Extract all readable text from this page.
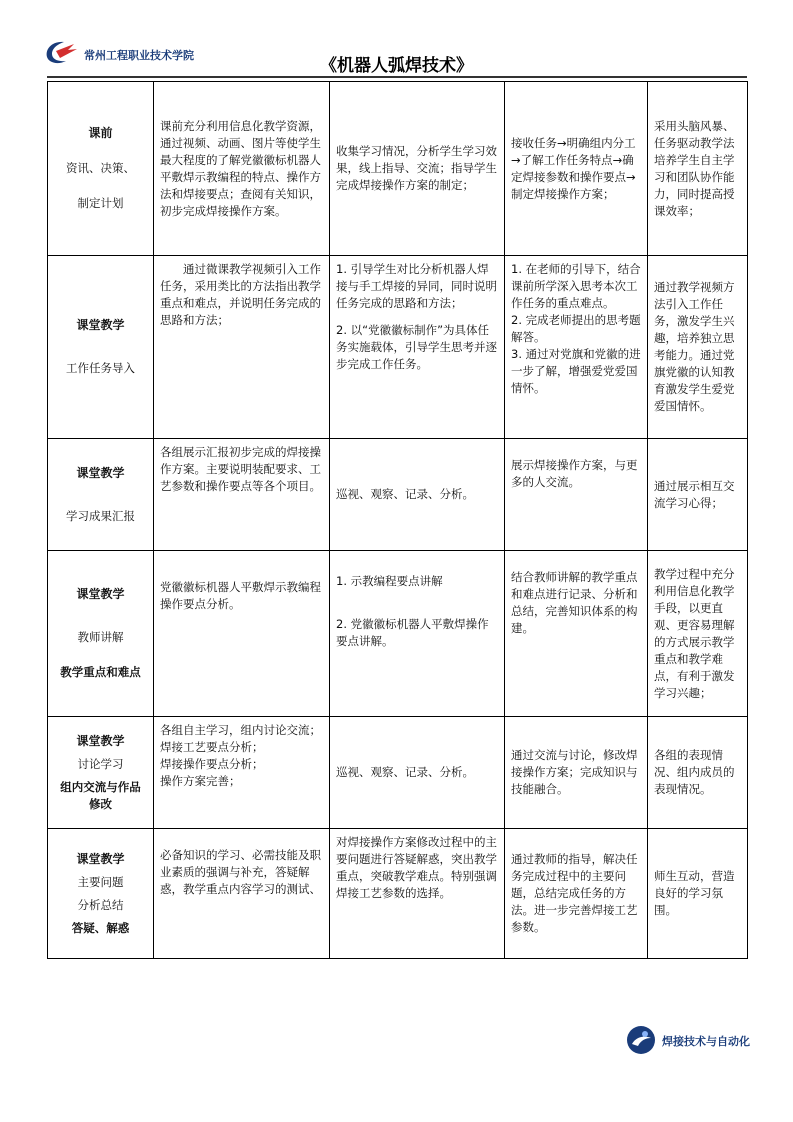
常州工程职业技术学院
《机器人弧焊技术》
课前
资讯、决策、
制定计划	课前充分利用信息化教学资源，通过视频、动画、图片等使学生最大程度的了解党徽徽标机器人平敷焊示教编程的特点、操作方法和焊接要点；查阅有关知识，初步完成焊接操作方案。	收集学习情况，分析学生学习效果，线上指导、交流；指导学生完成焊接操作方案的制定；	接收任务→明确组内分工→了解工作任务特点→确定焊接参数和操作要点→制定焊接操作方案；	采用头脑风暴、任务驱动教学法培养学生自主学习和团队协作能力，同时提高授课效率；

课堂教学
工作任务导入	通过微课教学视频引入工作任务，采用类比的方法指出教学重点和难点，并说明任务完成的思路和方法；	1. 引导学生对比分析机器人焊接与手工焊接的异同，同时说明任务完成的思路和方法；
2. 以“党徽徽标制作”为具体任务实施载体，引导学生思考并逐步完成工作任务。	1. 在老师的引导下，结合课前所学深入思考本次工作任务的重点难点。
2. 完成老师提出的思考题解答。
3. 通过对党旗和党徽的进一步了解，增强爱党爱国情怀。	通过教学视频方法引入工作任务，激发学生兴趣，培养独立思考能力。通过党旗党徽的认知教育激发学生爱党爱国情怀。

课堂教学
学习成果汇报	各组展示汇报初步完成的焊接操作方案。主要说明装配要求、工艺参数和操作要点等各个项目。	巡视、观察、记录、分析。	展示焊接操作方案，与更多的人交流。	通过展示相互交流学习心得；

课堂教学
教师讲解
教学重点和难点	党徽徽标机器人平敷焊示教编程操作要点分析。	1. 示教编程要点讲解
2. 党徽徽标机器人平敷焊操作要点讲解。	结合教师讲解的教学重点和难点进行记录、分析和总结，完善知识体系的构建。	教学过程中充分利用信息化教学手段，以更直观、更容易理解的方式展示教学重点和教学难点，有利于激发学习兴趣；

课堂教学
讨论学习
组内交流与作品修改	各组自主学习，组内讨论交流；
焊接工艺要点分析；
焊接操作要点分析；
操作方案完善；	巡视、观察、记录、分析。	通过交流与讨论，修改焊接操作方案；完成知识与技能融合。	各组的表现情况、组内成员的表现情况。

课堂教学
主要问题
分析总结
答疑、解惑	必备知识的学习、必需技能及职业素质的强调与补充，答疑解惑，教学重点内容学习的测试、	对焊接操作方案修改过程中的主要问题进行答疑解惑，突出教学重点，突破教学难点。特别强调焊接工艺参数的选择。	通过教师的指导，解决任务完成过程中的主要问题，总结完成任务的方法。进一步完善焊接工艺参数。	师生互动，营造良好的学习氛围。
焊接技术与自动化
